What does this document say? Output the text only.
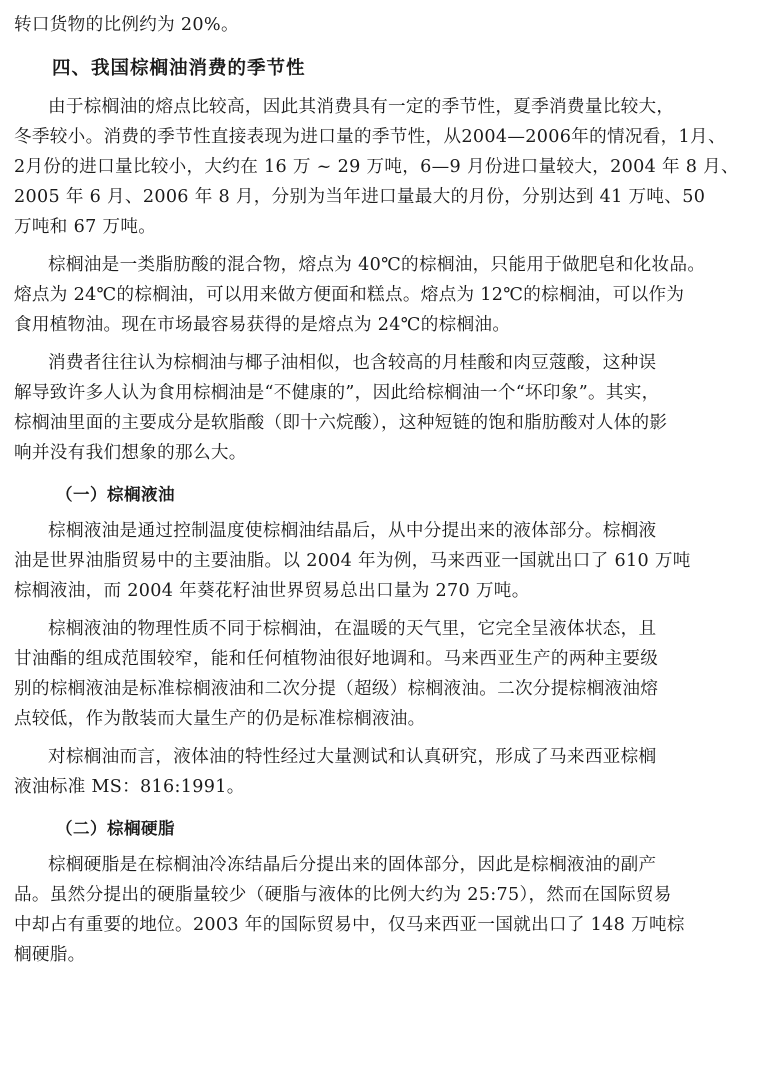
转口货物的比例约为 20%。

四、我国棕榈油消费的季节性

由于棕榈油的熔点比较高，因此其消费具有一定的季节性，夏季消费量比较大，

冬季较小。消费的季节性直接表现为进口量的季节性，从2004—2006年的情况看，1月、

2月份的进口量比较小，大约在 16 万 ~ 29 万吨，6—9 月份进口量较大，2004 年 8 月、

2005 年 6 月、2006 年 8 月，分别为当年进口量最大的月份，分别达到 41 万吨、50

万吨和 67 万吨。

棕榈油是一类脂肪酸的混合物，熔点为 40℃的棕榈油，只能用于做肥皂和化妆品。

熔点为 24℃的棕榈油，可以用来做方便面和糕点。熔点为 12℃的棕榈油，可以作为

食用植物油。现在市场最容易获得的是熔点为 24℃的棕榈油。

消费者往往认为棕榈油与椰子油相似，也含较高的月桂酸和肉豆蔻酸，这种误

解导致许多人认为食用棕榈油是“不健康的”，因此给棕榈油一个“坏印象”。其实，

棕榈油里面的主要成分是软脂酸（即十六烷酸），这种短链的饱和脂肪酸对人体的影

响并没有我们想象的那么大。

（一）棕榈液油

棕榈液油是通过控制温度使棕榈油结晶后，从中分提出来的液体部分。棕榈液

油是世界油脂贸易中的主要油脂。以 2004 年为例，马来西亚一国就出口了 610 万吨

棕榈液油，而 2004 年葵花籽油世界贸易总出口量为 270 万吨。

棕榈液油的物理性质不同于棕榈油，在温暖的天气里，它完全呈液体状态，且

甘油酯的组成范围较窄，能和任何植物油很好地调和。马来西亚生产的两种主要级

别的棕榈液油是标准棕榈液油和二次分提（超级）棕榈液油。二次分提棕榈液油熔

点较低，作为散装而大量生产的仍是标准棕榈液油。

对棕榈油而言，液体油的特性经过大量测试和认真研究，形成了马来西亚棕榈

液油标准 MS：816:1991。

（二）棕榈硬脂

棕榈硬脂是在棕榈油冷冻结晶后分提出来的固体部分，因此是棕榈液油的副产

品。虽然分提出的硬脂量较少（硬脂与液体的比例大约为 25:75），然而在国际贸易

中却占有重要的地位。2003 年的国际贸易中，仅马来西亚一国就出口了 148 万吨棕

榈硬脂。
